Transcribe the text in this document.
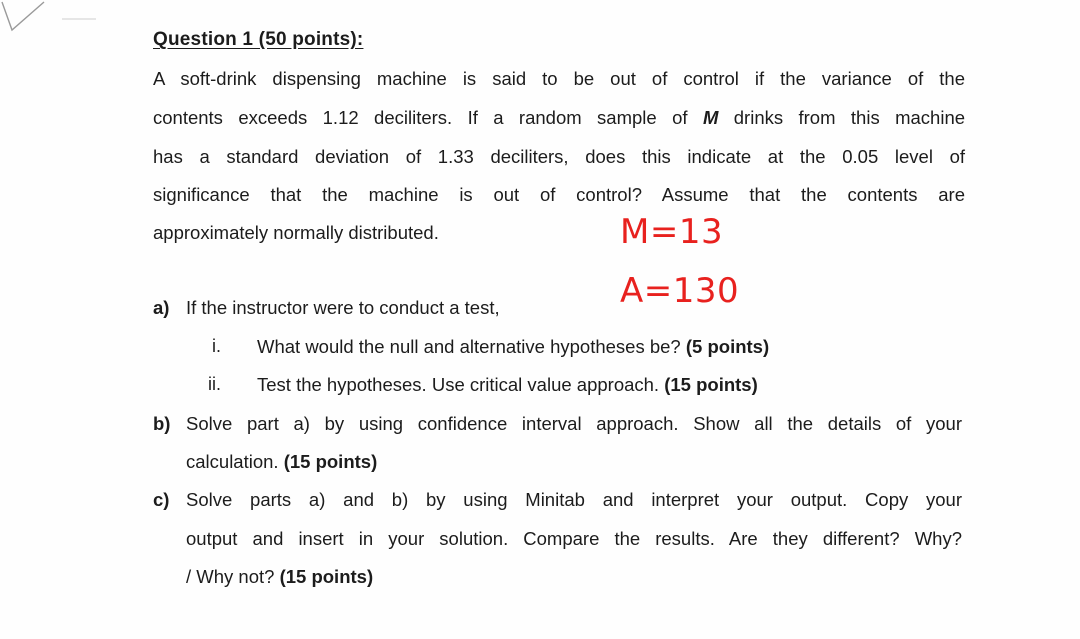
Question 1 (50 points):
A soft-drink dispensing machine is said to be out of control if the variance of the
contents exceeds 1.12 deciliters. If a random sample of M drinks from this machine
has a standard deviation of 1.33 deciliters, does this indicate at the 0.05 level of
significance that the machine is out of control? Assume that the contents are
approximately normally distributed.	M=13
A=130
a) If the instructor were to conduct a test,
i. What would the null and alternative hypotheses be? (5 points)
ii. Test the hypotheses. Use critical value approach. (15 points)
b) Solve part a) by using confidence interval approach. Show all the details of your
calculation. (15 points)
c) Solve parts a) and b) by using Minitab and interpret your output. Copy your
output and insert in your solution. Compare the results. Are they different? Why?
/ Why not? (15 points)
